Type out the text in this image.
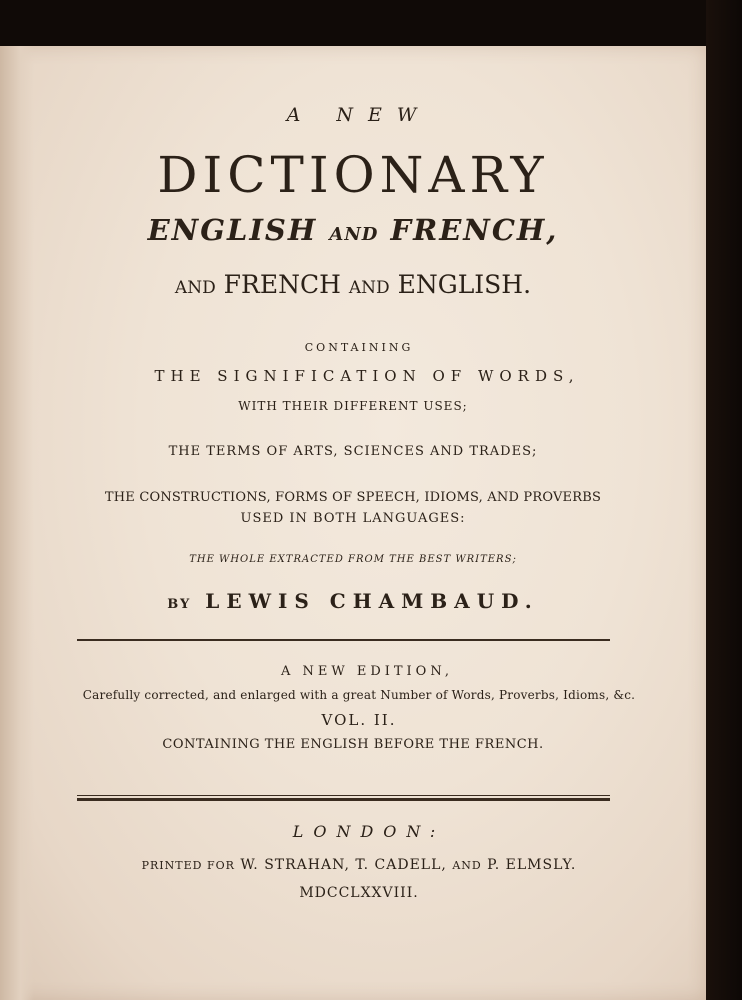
A NEW
DICTIONARY
ENGLISH AND FRENCH,
AND FRENCH AND ENGLISH.
CONTAINING
THE SIGNIFICATION OF WORDS,
WITH THEIR DIFFERENT USES;
THE TERMS OF ARTS, SCIENCES AND TRADES;
THE CONSTRUCTIONS, FORMS OF SPEECH, IDIOMS, AND PROVERBS
USED IN BOTH LANGUAGES:
THE WHOLE EXTRACTED FROM THE BEST WRITERS;
BY LEWIS CHAMBAUD.
A NEW EDITION,
Carefully corrected, and enlarged with a great Number of Words, Proverbs, Idioms, &c.
VOL. II.
CONTAINING THE ENGLISH BEFORE THE FRENCH.
LONDON:
PRINTED FOR W. STRAHAN, T. CADELL, AND P. ELMSLY.
MDCCLXXVIII.
